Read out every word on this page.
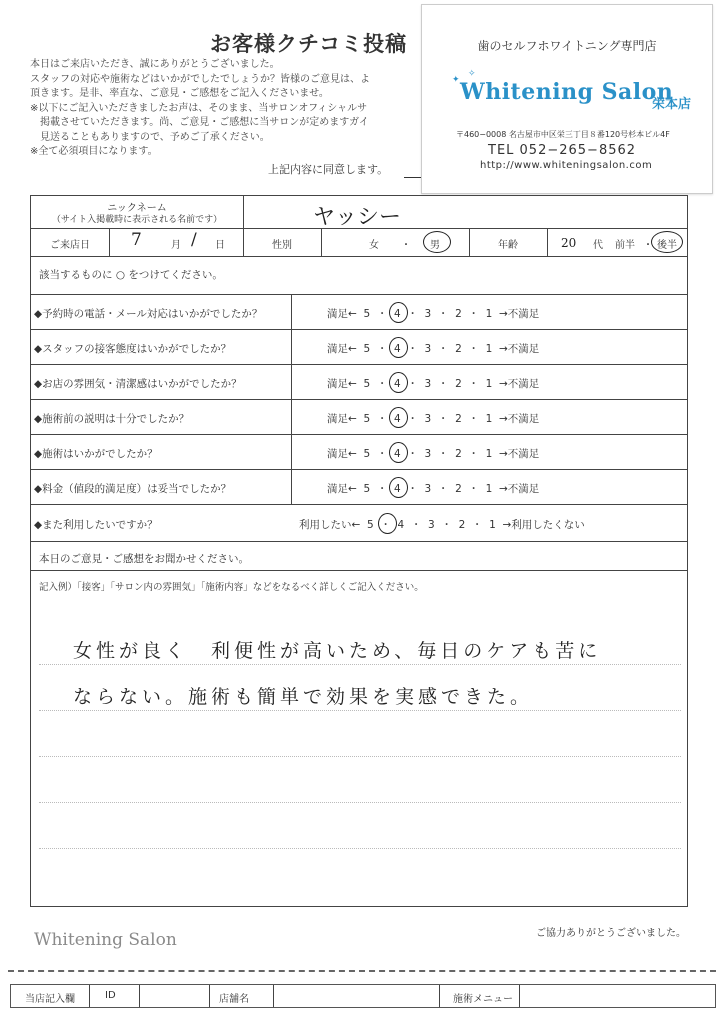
お客様クチコミ投稿
本日はご来店いただき、誠にありがとうございました。
スタッフの対応や施術などはいかがでしたでしょうか？皆様のご意見は、よ
頂きます。是非、率直な、ご意見・ご感想をご記入くださいませ。
※以下にご記入いただきましたお声は、そのまま、当サロンオフィシャルサ
　掲載させていただきます。尚、ご意見・ご感想に当サロンが定めますガイ
　見送ることもありますので、予めご了承ください。
※全て必須項目になります。
上記内容に同意します。
歯のセルフホワイトニング専門店
✦
✧
Whitening Salon
栄本店
〒460−0008 名古屋市中区栄三丁目８番120号杉本ビル4F
TEL 052−265−8562
http://www.whiteningsalon.com
ニックネーム
（サイト入掲載時に表示される名前です）	ヤッシー
ご来店日	7	月 / 日	性別	女 ・ 男	年齢	20 代 前半 ・ 後半
該当するものに ○ をつけてください。
◆予約時の電話・メール対応はいかがでしたか？	満足←  5  ・  4  ・  3  ・  2  ・  1  →不満足
◆スタッフの接客態度はいかがでしたか？	満足←  5  ・  4  ・  3  ・  2  ・  1  →不満足
◆お店の雰囲気・清潔感はいかがでしたか？	満足←  5  ・  4  ・  3  ・  2  ・  1  →不満足
◆施術前の説明は十分でしたか？	満足←  5  ・  4  ・  3  ・  2  ・  1  →不満足
◆施術はいかがでしたか？	満足←  5  ・  4  ・  3  ・  2  ・  1  →不満足
◆料金（値段的満足度）は妥当でしたか？	満足←  5  ・  4  ・  3  ・  2  ・  1  →不満足
◆また利用したいですか？	利用したい←  5  ・  4  ・  3  ・  2  ・  1  →利用したくない
本日のご意見・ご感想をお聞かせください。
記入例）「接客」「サロン内の雰囲気」「施術内容」などをなるべく詳しくご記入ください。
女性が良く　利便性が高いため、毎日のケアも苦に
ならない。施術も簡単で効果を実感できた。
Whitening Salon	ご協力ありがとうございました。
当店記入欄	ID	店舗名	施術メニュー
